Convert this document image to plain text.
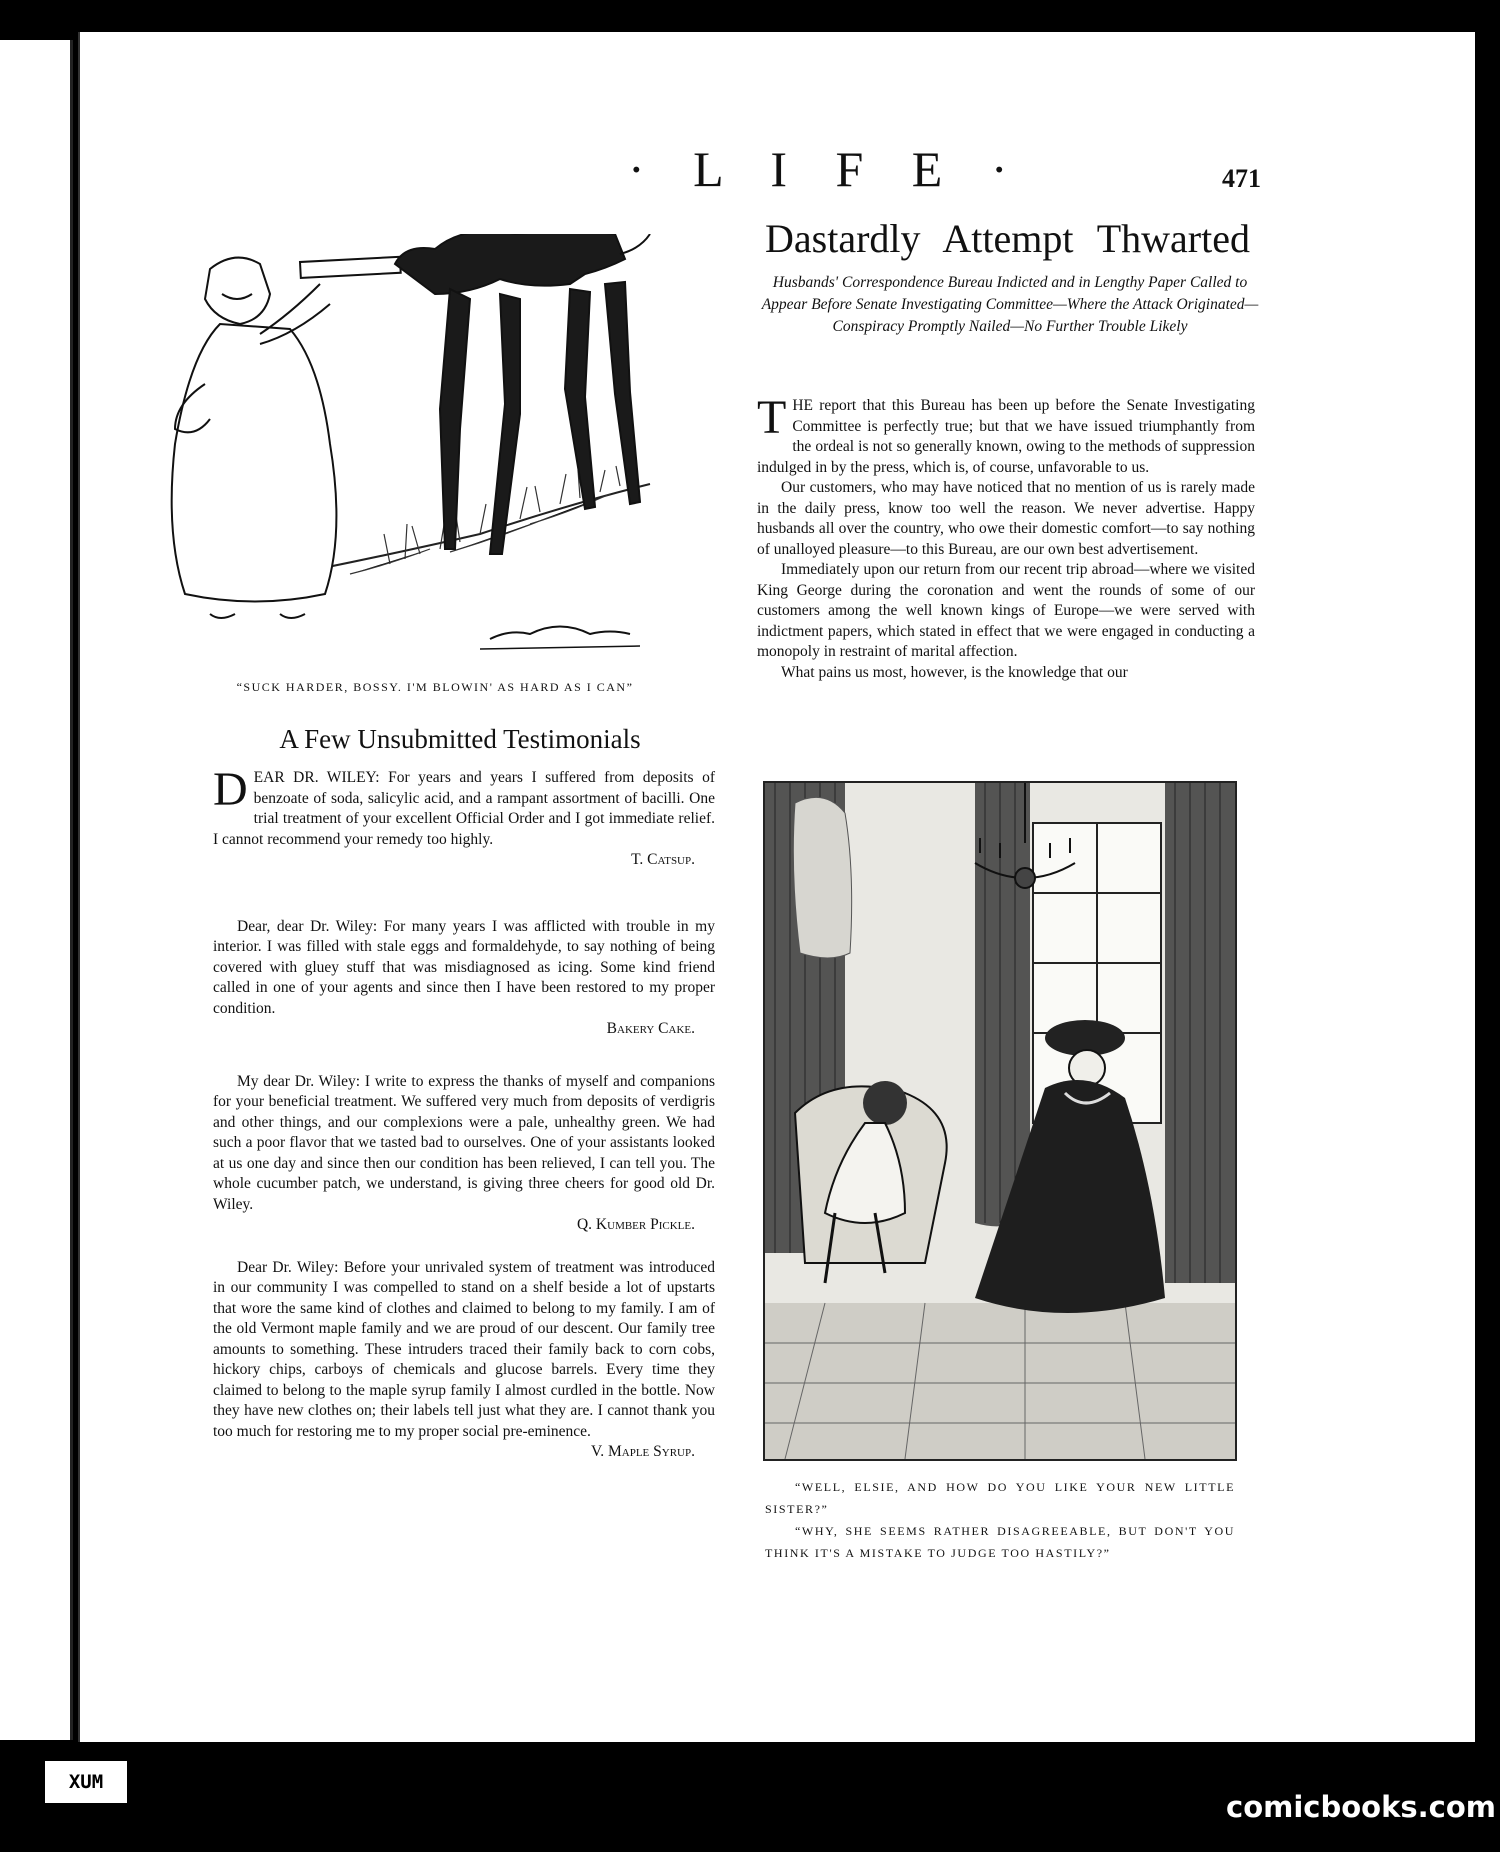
· L I F E ·	471
“SUCK HARDER, BOSSY. I'M BLOWIN' AS HARD AS I CAN”
A Few Unsubmitted Testimonials

DEAR DR. WILEY: For years and years I suffered from deposits of benzoate of soda, salicylic acid, and a rampant assortment of bacilli. One trial treatment of your excellent Official Order and I got immediate relief. I cannot recommend your remedy too highly.

T. Catsup.

Dear, dear Dr. Wiley: For many years I was afflicted with trouble in my interior. I was filled with stale eggs and formaldehyde, to say nothing of being covered with gluey stuff that was misdiagnosed as icing. Some kind friend called in one of your agents and since then I have been restored to my proper condition.

Bakery Cake.

My dear Dr. Wiley: I write to express the thanks of myself and companions for your beneficial treatment. We suffered very much from deposits of verdigris and other things, and our complexions were a pale, unhealthy green. We had such a poor flavor that we tasted bad to ourselves. One of your assistants looked at us one day and since then our condition has been relieved, I can tell you. The whole cucumber patch, we understand, is giving three cheers for good old Dr. Wiley.

Q. Kumber Pickle.

Dear Dr. Wiley: Before your unrivaled system of treatment was introduced in our community I was compelled to stand on a shelf beside a lot of upstarts that wore the same kind of clothes and claimed to belong to my family. I am of the old Vermont maple family and we are proud of our descent. Our family tree amounts to something. These intruders traced their family back to corn cobs, hickory chips, carboys of chemicals and glucose barrels. Every time they claimed to belong to the maple syrup family I almost curdled in the bottle. Now they have new clothes on; their labels tell just what they are. I cannot thank you too much for restoring me to my proper social pre-eminence.

V. Maple Syrup.

Dastardly Attempt Thwarted
Husbands' Correspondence Bureau Indicted and in Lengthy Paper Called to Appear Before Senate Investigating Committee—Where the Attack Originated—Conspiracy Promptly Nailed—No Further Trouble Likely

THE report that this Bureau has been up before the Senate Investigating Committee is perfectly true; but that we have issued triumphantly from the ordeal is not so generally known, owing to the methods of suppression indulged in by the press, which is, of course, unfavorable to us.

Our customers, who may have noticed that no mention of us is rarely made in the daily press, know too well the reason. We never advertise. Happy husbands all over the country, who owe their domestic comfort—to say nothing of unalloyed pleasure—to this Bureau, are our own best advertisement.

Immediately upon our return from our recent trip abroad—where we visited King George during the coronation and went the rounds of some of our customers among the well known kings of Europe—we were served with indictment papers, which stated in effect that we were engaged in conducting a monopoly in restraint of marital affection.

What pains us most, however, is the knowledge that our

“WELL, ELSIE, AND HOW DO YOU LIKE YOUR NEW LITTLE SISTER?”

“WHY, SHE SEEMS RATHER DISAGREEABLE, BUT DON'T YOU THINK IT'S A MISTAKE TO JUDGE TOO HASTILY?”

XUM
comicbooks.com
